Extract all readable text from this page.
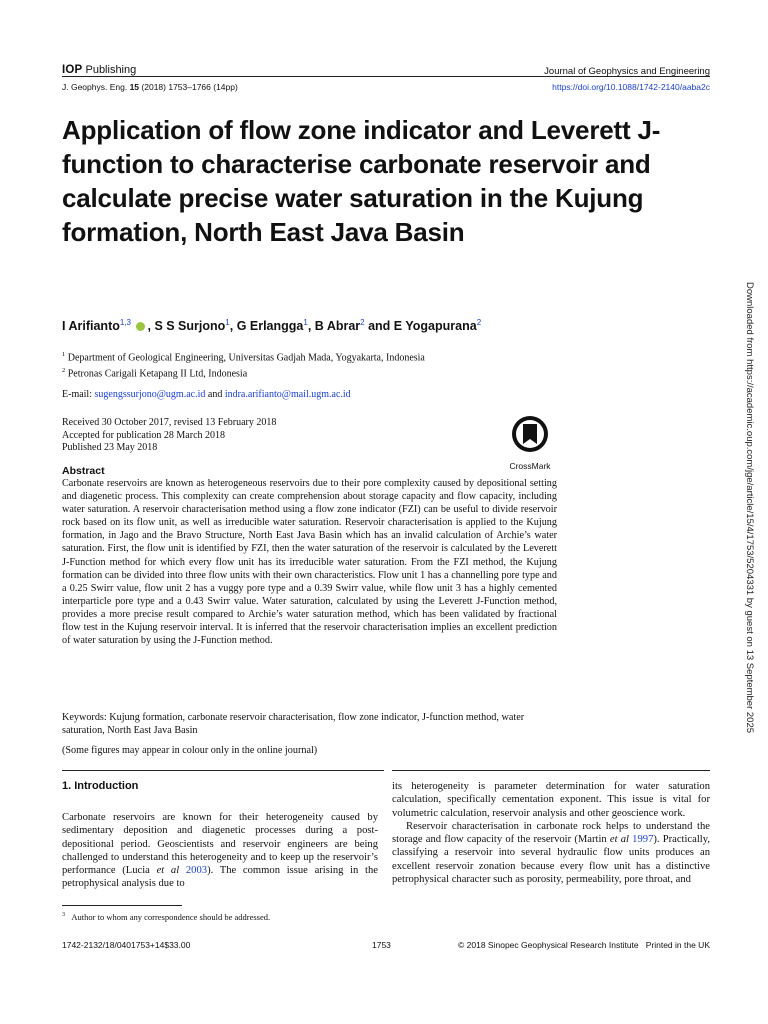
IOP Publishing	Journal of Geophysics and Engineering
J. Geophys. Eng. 15 (2018) 1753–1766 (14pp)	https://doi.org/10.1088/1742-2140/aaba2c
Application of flow zone indicator and Leverett J-function to characterise carbonate reservoir and calculate precise water saturation in the Kujung formation, North East Java Basin
I Arifianto$^{1,3}$ , S S Surjono$^1$, G Erlangga$^1$, B Abrar$^2$ and E Yogapurana$^2$
$^1$ Department of Geological Engineering, Universitas Gadjah Mada, Yogyakarta, Indonesia
$^2$ Petronas Carigali Ketapang II Ltd, Indonesia
E-mail: sugengssurjono@ugm.ac.id and indra.arifianto@mail.ugm.ac.id
Received 30 October 2017, revised 13 February 2018
Accepted for publication 28 March 2018
Published 23 May 2018
CrossMark
Abstract
Carbonate reservoirs are known as heterogeneous reservoirs due to their pore complexity caused by depositional setting and diagenetic process. This complexity can create comprehension about storage capacity and flow capacity, including water saturation. A reservoir characterisation method using a flow zone indicator (FZI) can be useful to divide reservoir rock based on its flow unit, as well as irreducible water saturation. Reservoir characterisation is applied to the Kujung formation, in Jago and the Bravo Structure, North East Java Basin which has an invalid calculation of Archie’s water saturation. First, the flow unit is identified by FZI, then the water saturation of the reservoir is calculated by the Leverett J-Function method for which every flow unit has its irreducible water saturation. From the FZI method, the Kujung formation can be divided into three flow units with their own characteristics. Flow unit 1 has a channelling pore type and a 0.25 Swirr value, flow unit 2 has a vuggy pore type and a 0.39 Swirr value, while flow unit 3 has a highly cemented interparticle pore type and a 0.43 Swirr value. Water saturation, calculated by using the Leverett J-Function method, provides a more precise result compared to Archie’s water saturation method, which has been validated by fractional flow test in the Kujung reservoir interval. It is inferred that the reservoir characterisation implies an excellent prediction of water saturation by using the J-Function method.
Keywords: Kujung formation, carbonate reservoir characterisation, flow zone indicator, J-function method, water saturation, North East Java Basin
(Some figures may appear in colour only in the online journal)
1. Introduction
Carbonate reservoirs are known for their heterogeneity caused by sedimentary deposition and diagenetic processes during a post-depositional period. Geoscientists and reservoir engineers are being challenged to understand this heterogeneity and to keep up the reservoir’s performance (Lucia et al 2003). The common issue arising in the petrophysical analysis due to

its heterogeneity is parameter determination for water saturation calculation, specifically cementation exponent. This issue is vital for volumetric calculation, reservoir analysis and other geoscience work.

Reservoir characterisation in carbonate rock helps to understand the storage and flow capacity of the reservoir (Martin et al 1997). Practically, classifying a reservoir into several hydraulic flow units produces an excellent reservoir zonation because every flow unit has a distinctive petrophysical character such as porosity, permeability, pore throat, and

$^3$ Author to whom any correspondence should be addressed.
1742-2132/18/0401753+14$33.00	1753	© 2018 Sinopec Geophysical Research Institute   Printed in the UK
Downloaded from https://academic.oup.com/jge/article/15/4/1753/5204331 by guest on 13 September 2025
